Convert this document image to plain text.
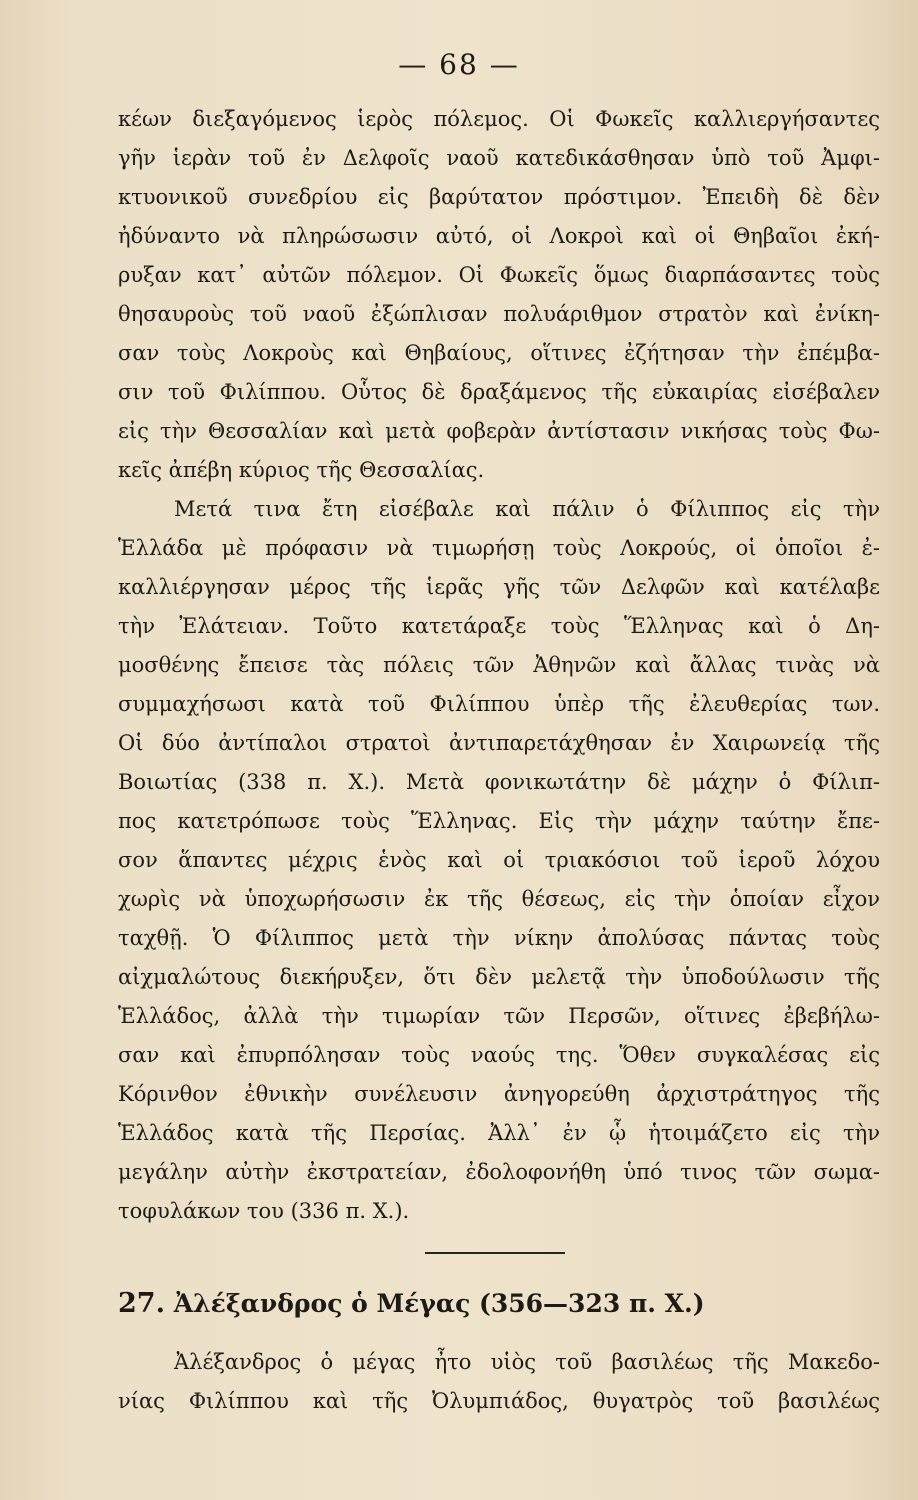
— 68 —
κέων διεξαγόμενος ἱερὸς πόλεμος. Οἱ Φωκεῖς καλλιεργήσαντες
γῆν ἱερὰν τοῦ ἐν Δελφοῖς ναοῦ κατεδικάσθησαν ὑπὸ τοῦ Ἀμφι-
κτυονικοῦ συνεδρίου εἰς βαρύτατον πρόστιμον. Ἐπειδὴ δὲ δὲν
ἠδύναντο νὰ πληρώσωσιν αὐτό, οἱ Λοκροὶ καὶ οἱ Θηβαῖοι ἐκή-
ρυξαν κατ᾿ αὐτῶν πόλεμον. Οἱ Φωκεῖς ὅμως διαρπάσαντες τοὺς
θησαυροὺς τοῦ ναοῦ ἐξώπλισαν πολυάριθμον στρατὸν καὶ ἐνίκη-
σαν τοὺς Λοκροὺς καὶ Θηβαίους, οἵτινες ἐζήτησαν τὴν ἐπέμβα-
σιν τοῦ Φιλίππου. Οὗτος δὲ δραξάμενος τῆς εὐκαιρίας εἰσέβαλεν
εἰς τὴν Θεσσαλίαν καὶ μετὰ φοβερὰν ἀντίστασιν νικήσας τοὺς Φω-
κεῖς ἀπέβη κύριος τῆς Θεσσαλίας.
Μετά τινα ἔτη εἰσέβαλε καὶ πάλιν ὁ Φίλιππος εἰς τὴν
Ἑλλάδα μὲ πρόφασιν νὰ τιμωρήσῃ τοὺς Λοκρούς, οἱ ὁποῖοι ἐ-
καλλιέργησαν μέρος τῆς ἱερᾶς γῆς τῶν Δελφῶν καὶ κατέλαβε
τὴν Ἐλάτειαν. Τοῦτο κατετάραξε τοὺς Ἕλληνας καὶ ὁ Δη-
μοσθένης ἔπεισε τὰς πόλεις τῶν Ἀθηνῶν καὶ ἄλλας τινὰς νὰ
συμμαχήσωσι κατὰ τοῦ Φιλίππου ὑπὲρ τῆς ἐλευθερίας των.
Οἱ δύο ἀντίπαλοι στρατοὶ ἀντιπαρετάχθησαν ἐν Χαιρωνείᾳ τῆς
Βοιωτίας (338 π. Χ.). Μετὰ φονικωτάτην δὲ μάχην ὁ Φίλιπ-
πος κατετρόπωσε τοὺς Ἕλληνας. Εἰς τὴν μάχην ταύτην ἔπε-
σον ἅπαντες μέχρις ἑνὸς καὶ οἱ τριακόσιοι τοῦ ἱεροῦ λόχου
χωρὶς νὰ ὑποχωρήσωσιν ἐκ τῆς θέσεως, εἰς τὴν ὁποίαν εἶχον
ταχθῇ. Ὁ Φίλιππος μετὰ τὴν νίκην ἀπολύσας πάντας τοὺς
αἰχμαλώτους διεκήρυξεν, ὅτι δὲν μελετᾷ τὴν ὑποδούλωσιν τῆς
Ἑλλάδος, ἀλλὰ τὴν τιμωρίαν τῶν Περσῶν, οἵτινες ἐβεβήλω-
σαν καὶ ἐπυρπόλησαν τοὺς ναούς της. Ὅθεν συγκαλέσας εἰς
Κόρινθον ἐθνικὴν συνέλευσιν ἀνηγορεύθη ἀρχιστράτηγος τῆς
Ἑλλάδος κατὰ τῆς Περσίας. Ἀλλ᾿ ἐν ᾧ ἡτοιμάζετο εἰς τὴν
μεγάλην αὐτὴν ἐκστρατείαν, ἐδολοφονήθη ὑπό τινος τῶν σωμα-
τοφυλάκων του (336 π. Χ.).
27. Ἀλέξανδρος ὁ Μέγας (356—323 π. Χ.)
Ἀλέξανδρος ὁ μέγας ἦτο υἱὸς τοῦ βασιλέως τῆς Μακεδο-
νίας Φιλίππου καὶ τῆς Ὀλυμπιάδος, θυγατρὸς τοῦ βασιλέως
